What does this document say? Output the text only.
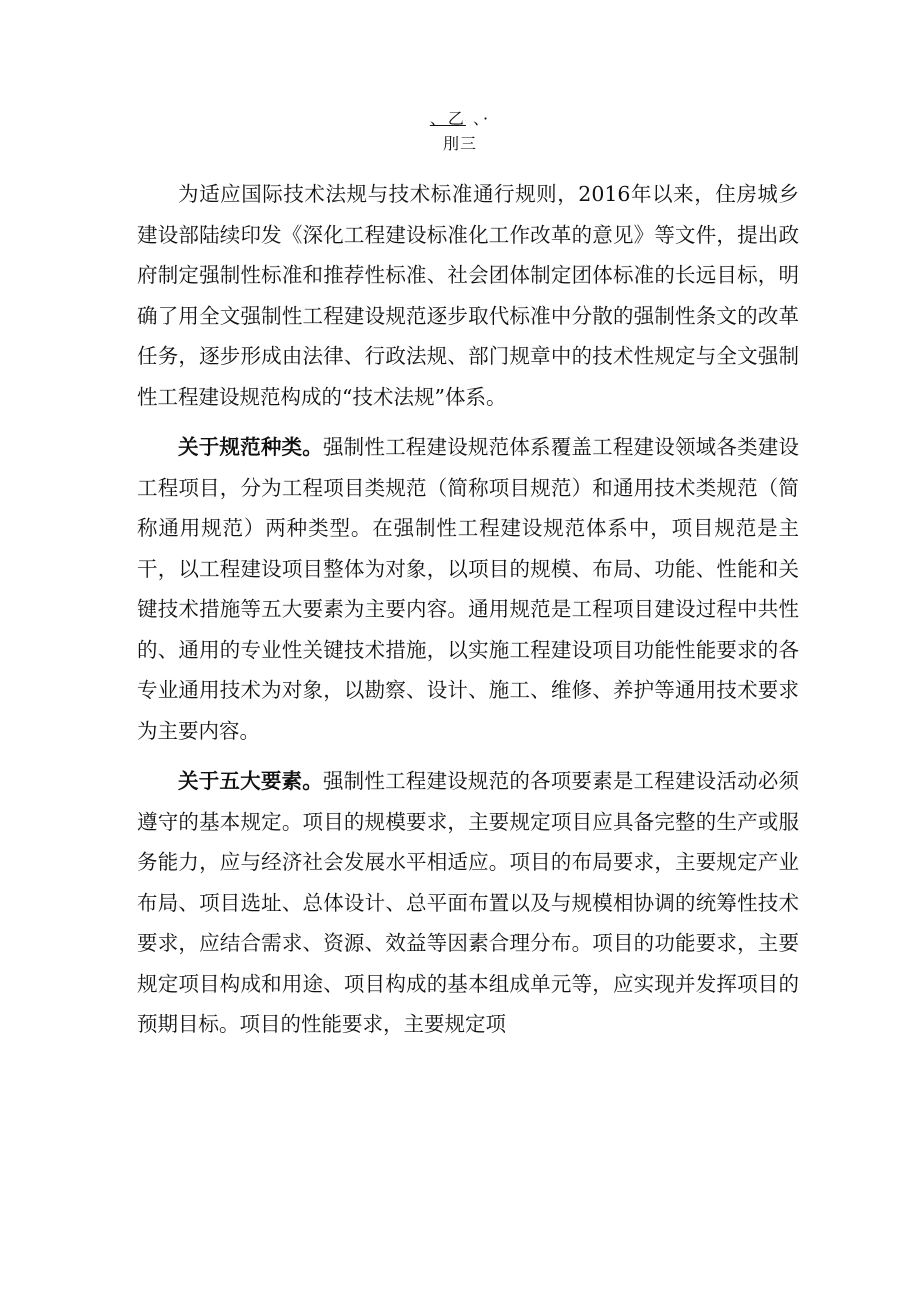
、乙 、·
刖三

为适应国际技术法规与技术标准通行规则，2016年以来，住房城乡建设部陆续印发《深化工程建设标准化工作改革的意见》等文件，提出政府制定强制性标准和推荐性标准、社会团体制定团体标准的长远目标，明确了用全文强制性工程建设规范逐步取代标准中分散的强制性条文的改革任务，逐步形成由法律、行政法规、部门规章中的技术性规定与全文强制性工程建设规范构成的“技术法规”体系。

关于规范种类。强制性工程建设规范体系覆盖工程建设领域各类建设工程项目，分为工程项目类规范（简称项目规范）和通用技术类规范（简称通用规范）两种类型。在强制性工程建设规范体系中，项目规范是主干，以工程建设项目整体为对象，以项目的规模、布局、功能、性能和关键技术措施等五大要素为主要内容。通用规范是工程项目建设过程中共性的、通用的专业性关键技术措施，以实施工程建设项目功能性能要求的各专业通用技术为对象，以勘察、设计、施工、维修、养护等通用技术要求为主要内容。

关于五大要素。强制性工程建设规范的各项要素是工程建设活动必须遵守的基本规定。项目的规模要求，主要规定项目应具备完整的生产或服务能力，应与经济社会发展水平相适应。项目的布局要求，主要规定产业布局、项目选址、总体设计、总平面布置以及与规模相协调的统筹性技术要求，应结合需求、资源、效益等因素合理分布。项目的功能要求，主要规定项目构成和用途、项目构成的基本组成单元等，应实现并发挥项目的预期目标。项目的性能要求，主要规定项
